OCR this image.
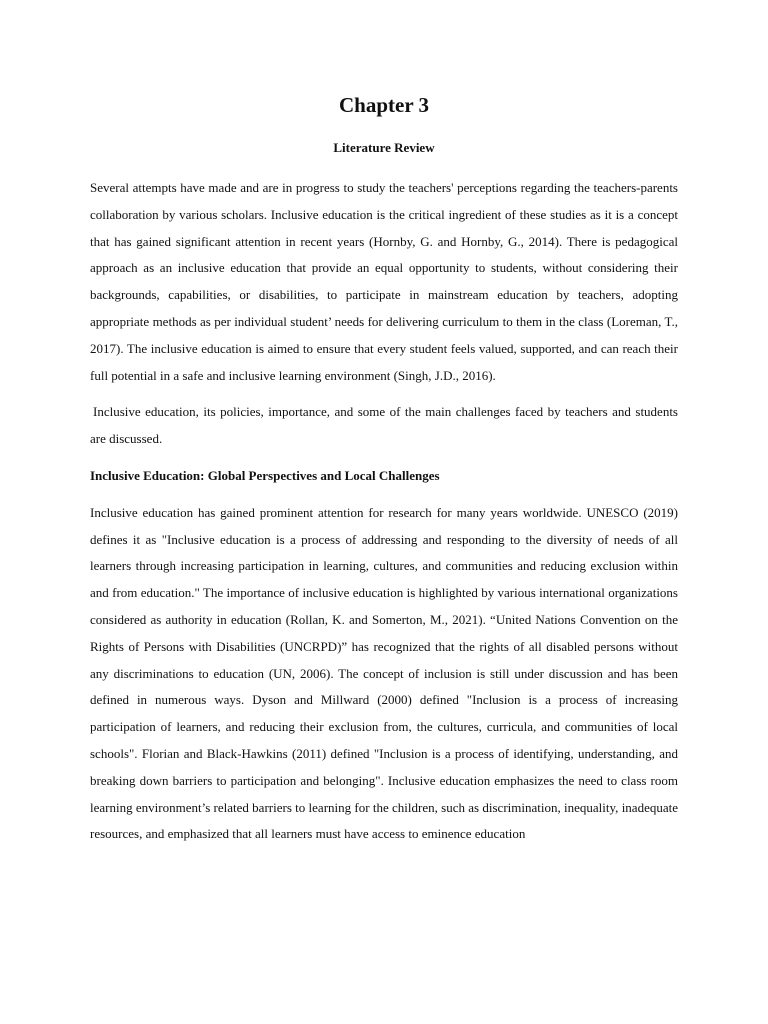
Chapter 3
Literature Review

Several attempts have made and are in progress to study the teachers' perceptions regarding the teachers-parents collaboration by various scholars. Inclusive education is the critical ingredient of these studies as it is a concept that has gained significant attention in recent years (Hornby, G. and Hornby, G., 2014). There is pedagogical approach as an inclusive education that provide an equal opportunity to students, without considering their backgrounds, capabilities, or disabilities, to participate in mainstream education by teachers, adopting appropriate methods as per individual student’ needs for delivering curriculum to them in the class (Loreman, T., 2017). The inclusive education is aimed to ensure that every student feels valued, supported, and can reach their full potential in a safe and inclusive learning environment (Singh, J.D., 2016).

Inclusive education, its policies, importance, and some of the main challenges faced by teachers and students are discussed.

Inclusive Education: Global Perspectives and Local Challenges

Inclusive education has gained prominent attention for research for many years worldwide. UNESCO (2019) defines it as "Inclusive education is a process of addressing and responding to the diversity of needs of all learners through increasing participation in learning, cultures, and communities and reducing exclusion within and from education." The importance of inclusive education is highlighted by various international organizations considered as authority in education (Rollan, K. and Somerton, M., 2021). “United Nations Convention on the Rights of Persons with Disabilities (UNCRPD)” has recognized that the rights of all disabled persons without any discriminations to education (UN, 2006). The concept of inclusion is still under discussion and has been defined in numerous ways. Dyson and Millward (2000) defined "Inclusion is a process of increasing participation of learners, and reducing their exclusion from, the cultures, curricula, and communities of local schools". Florian and Black-Hawkins (2011) defined "Inclusion is a process of identifying, understanding, and breaking down barriers to participation and belonging". Inclusive education emphasizes the need to class room learning environment’s related barriers to learning for the children, such as discrimination, inequality, inadequate resources, and emphasized that all learners must have access to eminence education
